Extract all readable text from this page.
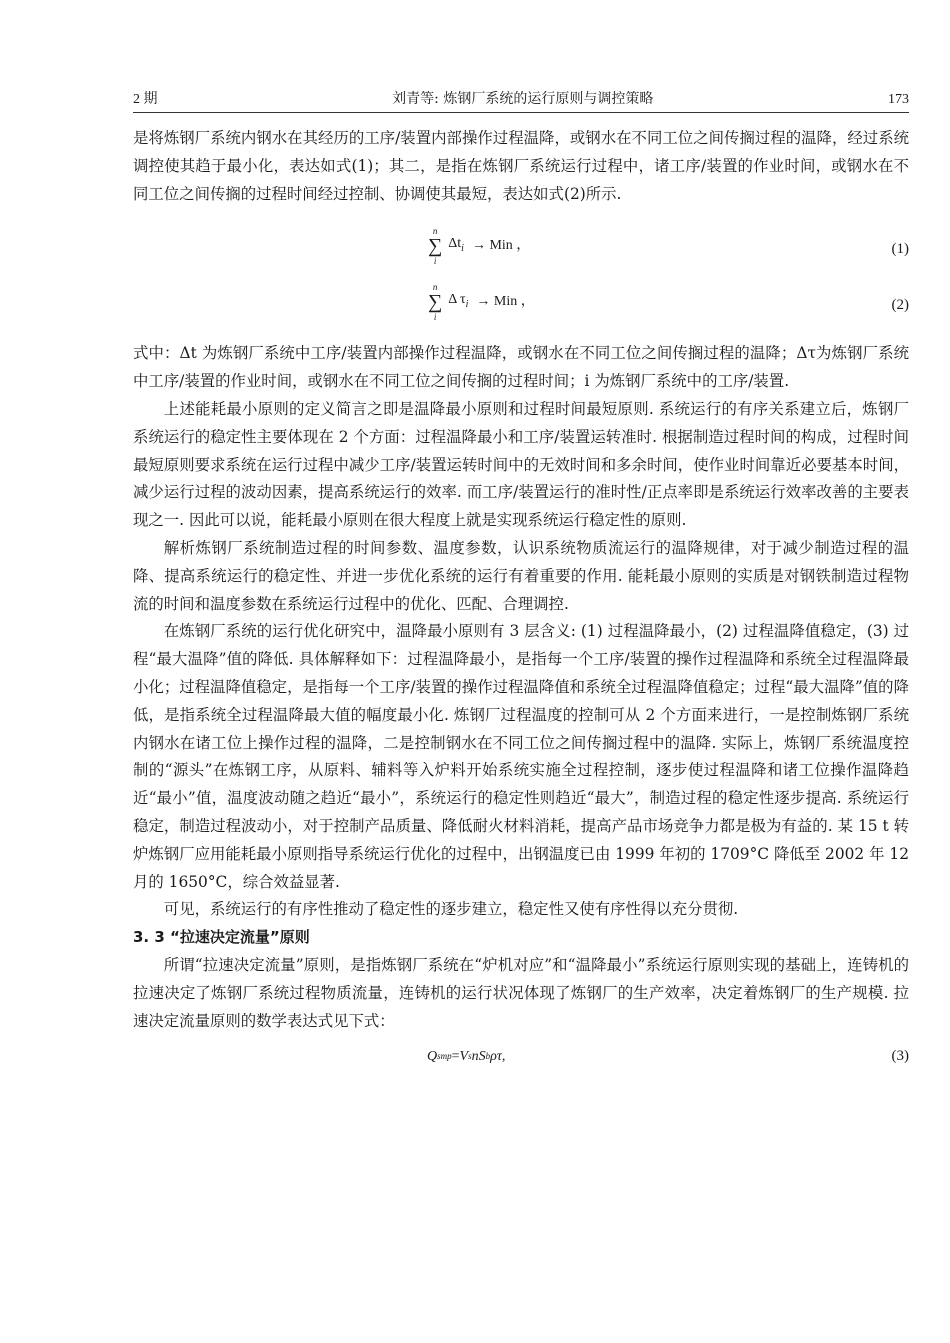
2 期	刘青等: 炼钢厂系统的运行原则与调控策略	173

是将炼钢厂系统内钢水在其经历的工序/装置内部操作过程温降，或钢水在不同工位之间传搁过程的温降，经过系统调控使其趋于最小化，表达如式(1)；其二，是指在炼钢厂系统运行过程中，诸工序/装置的作业时间，或钢水在不同工位之间传搁的过程时间经过控制、协调使其最短，表达如式(2)所示.

n
∑
i
$\Delta t_i$ → Min ，	(1)
n
∑
i
Δ $\tau_i$ → Min ，	(2)

式中：Δt 为炼钢厂系统中工序/装置内部操作过程温降，或钢水在不同工位之间传搁过程的温降；Δτ为炼钢厂系统中工序/装置的作业时间，或钢水在不同工位之间传搁的过程时间；i 为炼钢厂系统中的工序/装置.

上述能耗最小原则的定义简言之即是温降最小原则和过程时间最短原则. 系统运行的有序关系建立后，炼钢厂系统运行的稳定性主要体现在 2 个方面：过程温降最小和工序/装置运转准时. 根据制造过程时间的构成，过程时间最短原则要求系统在运行过程中减少工序/装置运转时间中的无效时间和多余时间，使作业时间靠近必要基本时间，减少运行过程的波动因素，提高系统运行的效率. 而工序/装置运行的准时性/正点率即是系统运行效率改善的主要表现之一. 因此可以说，能耗最小原则在很大程度上就是实现系统运行稳定性的原则.

解析炼钢厂系统制造过程的时间参数、温度参数，认识系统物质流运行的温降规律，对于减少制造过程的温降、提高系统运行的稳定性、并进一步优化系统的运行有着重要的作用. 能耗最小原则的实质是对钢铁制造过程物流的时间和温度参数在系统运行过程中的优化、匹配、合理调控.

在炼钢厂系统的运行优化研究中，温降最小原则有 3 层含义: (1) 过程温降最小，(2) 过程温降值稳定，(3) 过程“最大温降”值的降低. 具体解释如下：过程温降最小，是指每一个工序/装置的操作过程温降和系统全过程温降最小化；过程温降值稳定，是指每一个工序/装置的操作过程温降值和系统全过程温降值稳定；过程“最大温降”值的降低，是指系统全过程温降最大值的幅度最小化. 炼钢厂过程温度的控制可从 2 个方面来进行，一是控制炼钢厂系统内钢水在诸工位上操作过程的温降，二是控制钢水在不同工位之间传搁过程中的温降. 实际上，炼钢厂系统温度控制的“源头”在炼钢工序，从原料、辅料等入炉料开始系统实施全过程控制，逐步使过程温降和诸工位操作温降趋近“最小”值，温度波动随之趋近“最小”，系统运行的稳定性则趋近“最大”，制造过程的稳定性逐步提高. 系统运行稳定，制造过程波动小，对于控制产品质量、降低耐火材料消耗，提高产品市场竞争力都是极为有益的. 某 15 t 转炉炼钢厂应用能耗最小原则指导系统运行优化的过程中，出钢温度已由 1999 年初的 1709°C 降低至 2002 年 12 月的 1650°C，综合效益显著.

可见，系统运行的有序性推动了稳定性的逐步建立，稳定性又使有序性得以充分贯彻.

3. 3 “拉速决定流量”原则

所谓“拉速决定流量”原则，是指炼钢厂系统在“炉机对应”和“温降最小”系统运行原则实现的基础上，连铸机的拉速决定了炼钢厂系统过程物质流量，连铸机的运行状况体现了炼钢厂的生产效率，决定着炼钢厂的生产规模. 拉速决定流量原则的数学表达式见下式：

Q smp = V s n S b ρτ,	(3)
